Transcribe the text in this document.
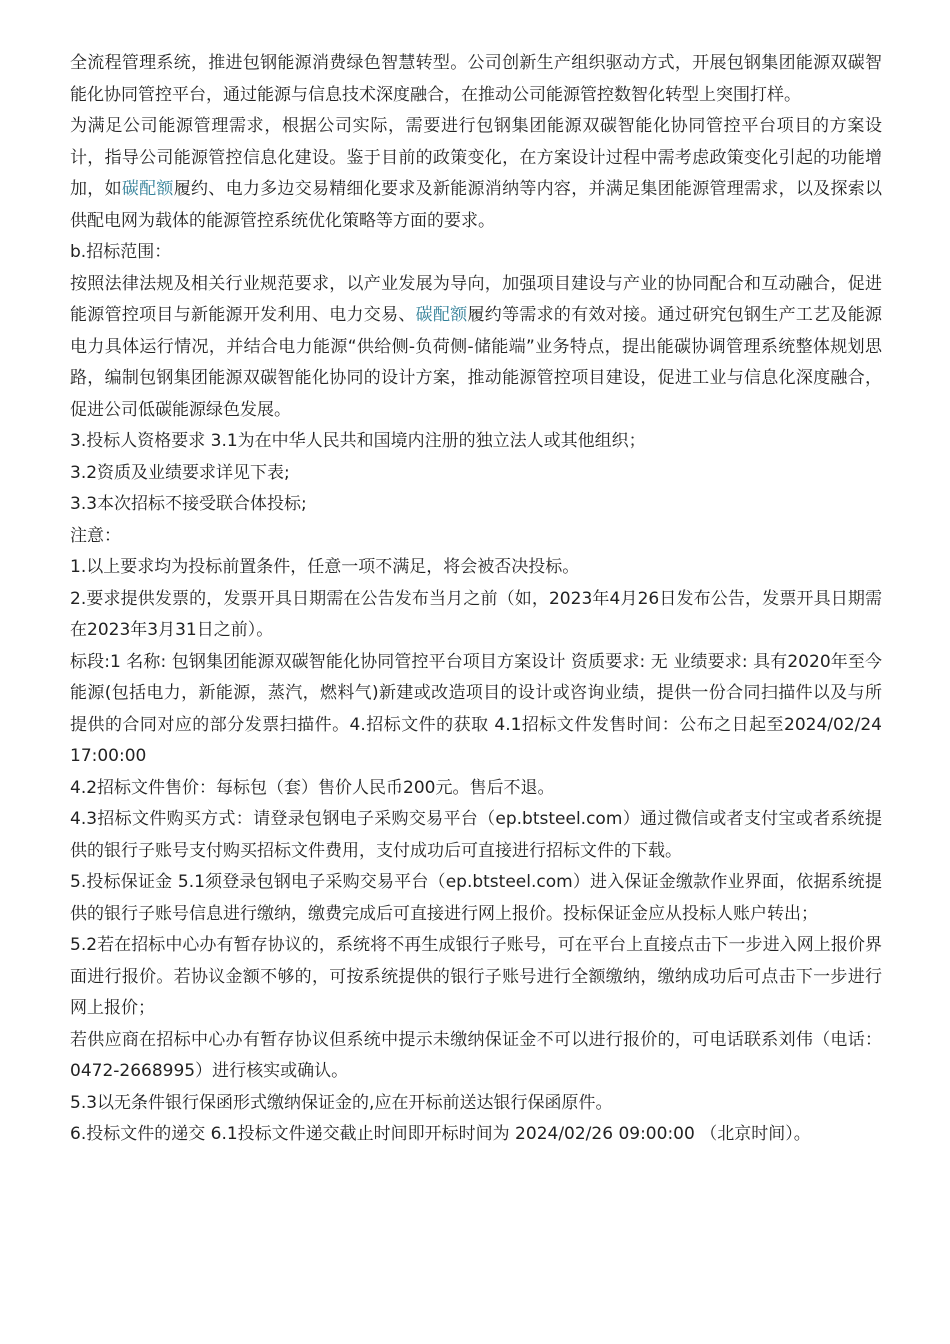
全流程管理系统，推进包钢能源消费绿色智慧转型。公司创新生产组织驱动方式，开展包钢集团能源双碳智能化协同管控平台，通过能源与信息技术深度融合，在推动公司能源管控数智化转型上突围打样。

为满足公司能源管理需求，根据公司实际，需要进行包钢集团能源双碳智能化协同管控平台项目的方案设计，指导公司能源管控信息化建设。鉴于目前的政策变化，在方案设计过程中需考虑政策变化引起的功能增加，如碳配额履约、电力多边交易精细化要求及新能源消纳等内容，并满足集团能源管理需求，以及探索以供配电网为载体的能源管控系统优化策略等方面的要求。

b.招标范围：

按照法律法规及相关行业规范要求，以产业发展为导向，加强项目建设与产业的协同配合和互动融合，促进能源管控项目与新能源开发利用、电力交易、碳配额履约等需求的有效对接。通过研究包钢生产工艺及能源电力具体运行情况，并结合电力能源“供给侧-负荷侧-储能端”业务特点，提出能碳协调管理系统整体规划思路，编制包钢集团能源双碳智能化协同的设计方案，推动能源管控项目建设，促进工业与信息化深度融合，促进公司低碳能源绿色发展。

3.投标人资格要求 3.1为在中华人民共和国境内注册的独立法人或其他组织；

3.2资质及业绩要求详见下表;

3.3本次招标不接受联合体投标;

注意：

1.以上要求均为投标前置条件，任意一项不满足，将会被否决投标。

2.要求提供发票的，发票开具日期需在公告发布当月之前（如，2023年4月26日发布公告，发票开具日期需在2023年3月31日之前）。

标段:1 名称: 包钢集团能源双碳智能化协同管控平台项目方案设计 资质要求: 无 业绩要求: 具有2020年至今能源(包括电力，新能源，蒸汽，燃料气)新建或改造项目的设计或咨询业绩，提供一份合同扫描件以及与所提供的合同对应的部分发票扫描件。4.招标文件的获取 4.1招标文件发售时间：公布之日起至2024/02/24 17:00:00

4.2招标文件售价：每标包（套）售价人民币200元。售后不退。

4.3招标文件购买方式：请登录包钢电子采购交易平台（ep.btsteel.com）通过微信或者支付宝或者系统提供的银行子账号支付购买招标文件费用，支付成功后可直接进行招标文件的下载。

5.投标保证金 5.1须登录包钢电子采购交易平台（ep.btsteel.com）进入保证金缴款作业界面，依据系统提供的银行子账号信息进行缴纳，缴费完成后可直接进行网上报价。投标保证金应从投标人账户转出；

5.2若在招标中心办有暂存协议的，系统将不再生成银行子账号，可在平台上直接点击下一步进入网上报价界面进行报价。若协议金额不够的，可按系统提供的银行子账号进行全额缴纳，缴纳成功后可点击下一步进行网上报价；

若供应商在招标中心办有暂存协议但系统中提示未缴纳保证金不可以进行报价的，可电话联系刘伟（电话：0472-2668995）进行核实或确认。

5.3以无条件银行保函形式缴纳保证金的,应在开标前送达银行保函原件。

6.投标文件的递交 6.1投标文件递交截止时间即开标时间为 2024/02/26 09:00:00 （北京时间）。
